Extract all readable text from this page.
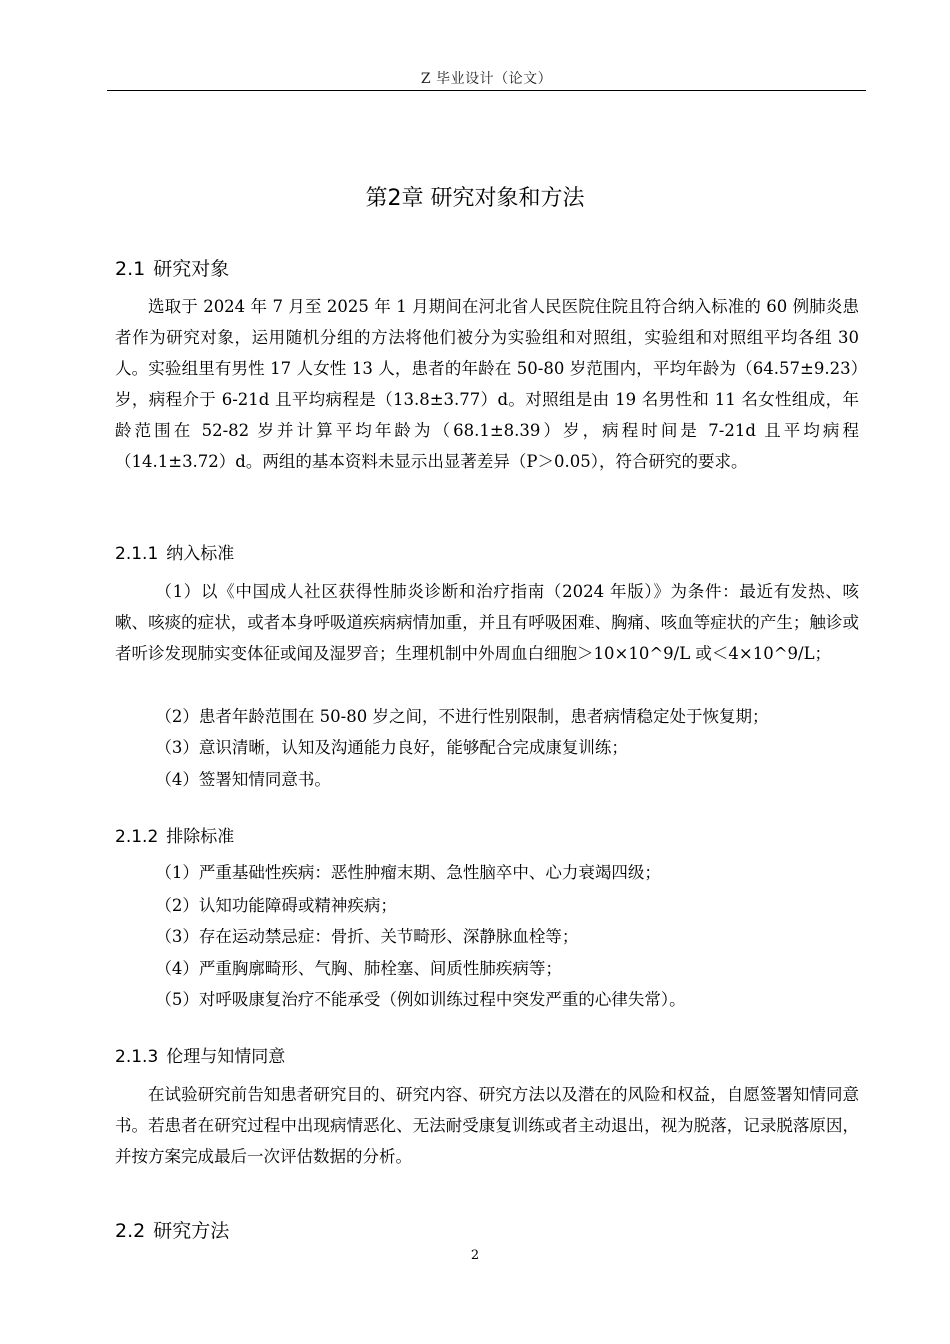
Z 毕业设计（论文）
第2章 研究对象和方法
2.1 研究对象

选取于 2024 年 7 月至 2025 年 1 月期间在河北省人民医院住院且符合纳入标准的 60 例肺炎患者作为研究对象，运用随机分组的方法将他们被分为实验组和对照组，实验组和对照组平均各组 30 人。实验组里有男性 17 人女性 13 人，患者的年龄在 50-80 岁范围内，平均年龄为（64.57±9.23）岁，病程介于 6-21d 且平均病程是（13.8±3.77）d。对照组是由 19 名男性和 11 名女性组成，年龄范围在 52-82 岁并计算平均年龄为（68.1±8.39）岁，病程时间是 7-21d 且平均病程（14.1±3.72）d。两组的基本资料未显示出显著差异（P＞0.05），符合研究的要求。

2.1.1 纳入标准

（1）以《中国成人社区获得性肺炎诊断和治疗指南（2024 年版）》为条件：最近有发热、咳嗽、咳痰的症状，或者本身呼吸道疾病病情加重，并且有呼吸困难、胸痛、咳血等症状的产生；触诊或者听诊发现肺实变体征或闻及湿罗音；生理机制中外周血白细胞＞10×10^9/L 或＜4×10^9/L；

（2）患者年龄范围在 50-80 岁之间，不进行性别限制，患者病情稳定处于恢复期；

（3）意识清晰，认知及沟通能力良好，能够配合完成康复训练；

（4）签署知情同意书。

2.1.2 排除标准

（1）严重基础性疾病：恶性肿瘤末期、急性脑卒中、心力衰竭四级；

（2）认知功能障碍或精神疾病；

（3）存在运动禁忌症：骨折、关节畸形、深静脉血栓等；

（4）严重胸廓畸形、气胸、肺栓塞、间质性肺疾病等；

（5）对呼吸康复治疗不能承受（例如训练过程中突发严重的心律失常）。

2.1.3 伦理与知情同意

在试验研究前告知患者研究目的、研究内容、研究方法以及潜在的风险和权益，自愿签署知情同意书。若患者在研究过程中出现病情恶化、无法耐受康复训练或者主动退出，视为脱落，记录脱落原因，并按方案完成最后一次评估数据的分析。

2.2 研究方法
2
